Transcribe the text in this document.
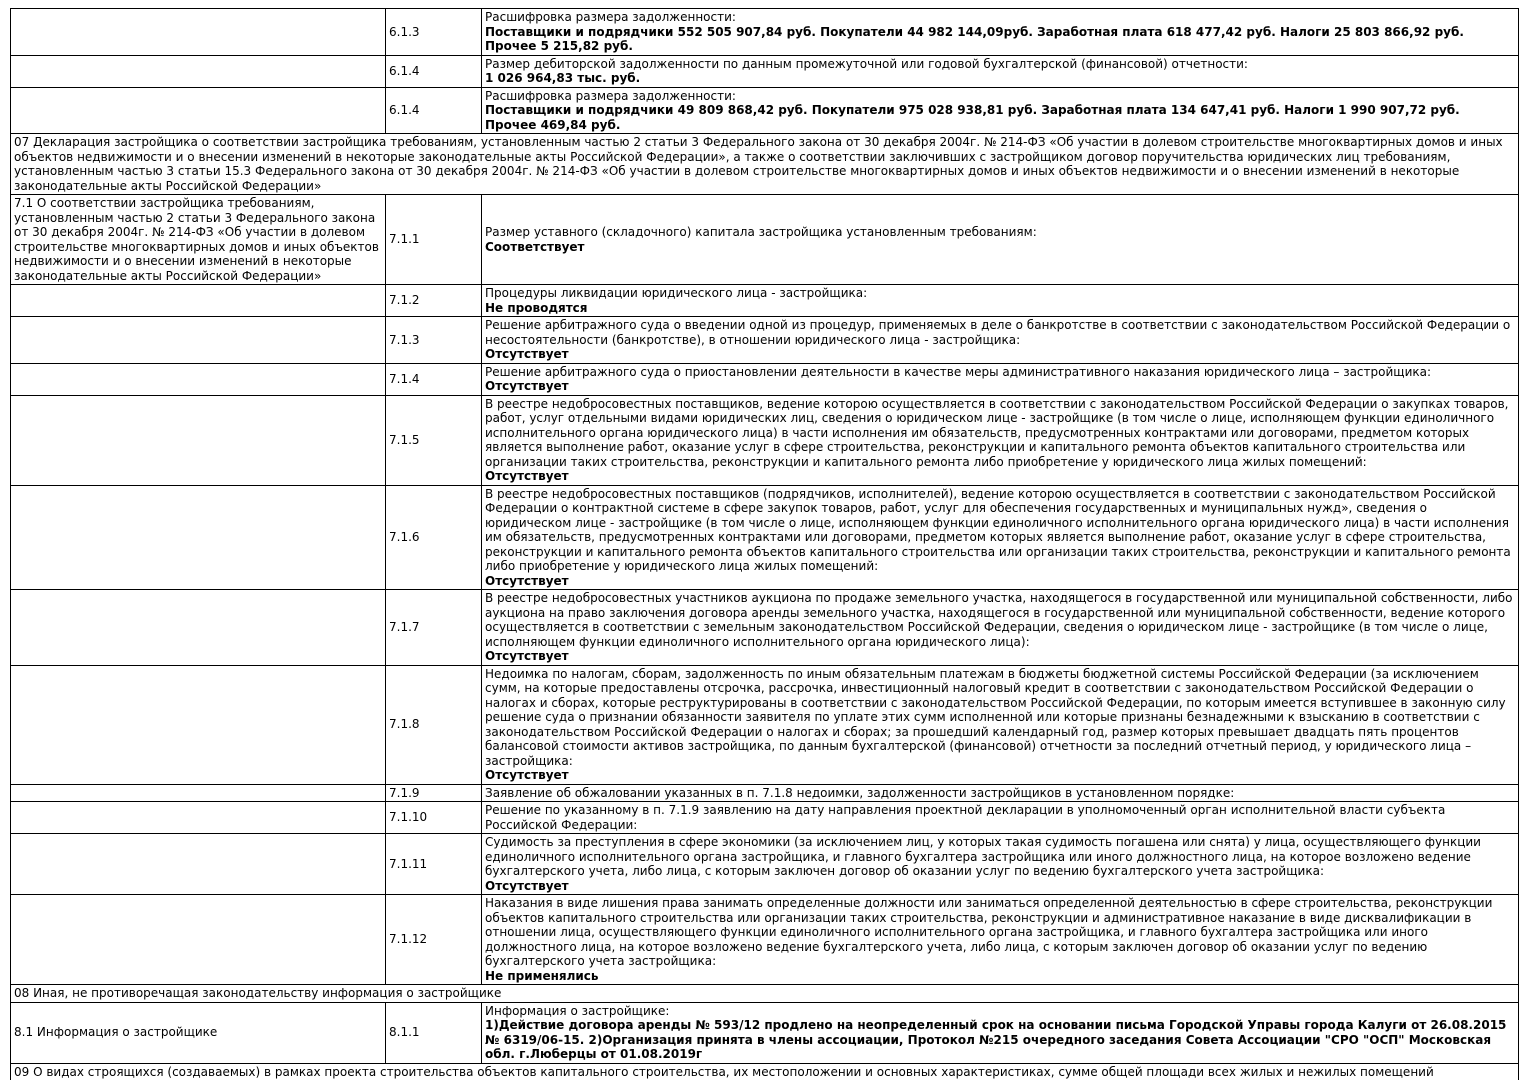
	6.1.3	Расшифровка размера задолженности:
Поставщики и подрядчики 552 505 907,84 руб. Покупатели 44 982 144,09руб. Заработная плата 618 477,42 руб. Налоги 25 803 866,92 руб. Прочее 5 215,82 руб.

	6.1.4	Размер дебиторской задолженности по данным промежуточной или годовой бухгалтерской (финансовой) отчетности:
1 026 964,83 тыс. руб.

	6.1.4	Расшифровка размера задолженности:
Поставщики и подрядчики 49 809 868,42 руб. Покупатели 975 028 938,81 руб. Заработная плата 134 647,41 руб. Налоги 1 990 907,72 руб. Прочее 469,84 руб.

07 Декларация застройщика о соответствии застройщика требованиям, установленным частью 2 статьи 3 Федерального закона от 30 декабря 2004г. № 214-ФЗ «Об участии в долевом строительстве многоквартирных домов и иных объектов недвижимости и о внесении изменений в некоторые законодательные акты Российской Федерации», а также о соответствии заключивших с застройщиком договор поручительства юридических лиц требованиям, установленным частью 3 статьи 15.3 Федерального закона от 30 декабря 2004г. № 214-ФЗ «Об участии в долевом строительстве многоквартирных домов и иных объектов недвижимости и о внесении изменений в некоторые законодательные акты Российской Федерации»		
7.1 О соответствии застройщика требованиям, установленным частью 2 статьи 3 Федерального закона от 30 декабря 2004г. № 214-ФЗ «Об участии в долевом строительстве многоквартирных домов и иных объектов недвижимости и о внесении изменений в некоторые законодательные акты Российской Федерации»	7.1.1	Размер уставного (складочного) капитала застройщика установленным требованиям:
Соответствует

	7.1.2	Процедуры ликвидации юридического лица - застройщика:
Не проводятся

	7.1.3	Решение арбитражного суда о введении одной из процедур, применяемых в деле о банкротстве в соответствии с законодательством Российской Федерации о несостоятельности (банкротстве), в отношении юридического лица - застройщика:
Отсутствует

	7.1.4	Решение арбитражного суда о приостановлении деятельности в качестве меры административного наказания юридического лица – застройщика:
Отсутствует

	7.1.5	В реестре недобросовестных поставщиков, ведение которою осуществляется в соответствии с законодательством Российской Федерации о закупках товаров, работ, услуг отдельными видами юридических лиц, сведения о юридическом лице - застройщике (в том числе о лице, исполняющем функции единоличного исполнительного органа юридического лица) в части исполнения им обязательств, предусмотренных контрактами или договорами, предметом которых является выполнение работ, оказание услуг в сфере строительства, реконструкции и капитального ремонта объектов капитального строительства или организации таких строительства, реконструкции и капитального ремонта либо приобретение у юридического лица жилых помещений:
Отсутствует

	7.1.6	В реестре недобросовестных поставщиков (подрядчиков, исполнителей), ведение которою осуществляется в соответствии с законодательством Российской Федерации о контрактной системе в сфере закупок товаров, работ, услуг для обеспечения государственных и муниципальных нужд», сведения о юридическом лице - застройщике (в том числе о лице, исполняющем функции единоличного исполнительного органа юридического лица) в части исполнения им обязательств, предусмотренных контрактами или договорами, предметом которых является выполнение работ, оказание услуг в сфере строительства, реконструкции и капитального ремонта объектов капитального строительства или организации таких строительства, реконструкции и капитального ремонта либо приобретение у юридического лица жилых помещений:
Отсутствует

	7.1.7	В реестре недобросовестных участников аукциона по продаже земельного участка, находящегося в государственной или муниципальной собственности, либо аукциона на право заключения договора аренды земельного участка, находящегося в государственной или муниципальной собственности, ведение которого осуществляется в соответствии с земельным законодательством Российской Федерации, сведения о юридическом лице - застройщике (в том числе о лице, исполняющем функции единоличного исполнительного органа юридического лица):
Отсутствует

	7.1.8	Недоимка по налогам, сборам, задолженность по иным обязательным платежам в бюджеты бюджетной системы Российской Федерации (за исключением сумм, на которые предоставлены отсрочка, рассрочка, инвестиционный налоговый кредит в соответствии с законодательством Российской Федерации о налогах и сборах, которые реструктурированы в соответствии с законодательством Российской Федерации, по которым имеется вступившее в законную силу решение суда о признании обязанности заявителя по уплате этих сумм исполненной или которые признаны безнадежными к взысканию в соответствии с законодательством Российской Федерации о налогах и сборах; за прошедший календарный год, размер которых превышает двадцать пять процентов балансовой стоимости активов застройщика, по данным бухгалтерской (финансовой) отчетности за последний отчетный период, у юридического лица – застройщика:
Отсутствует

	7.1.9	Заявление об обжаловании указанных в п. 7.1.8 недоимки, задолженности застройщиков в установленном порядке:

	7.1.10	Решение по указанному в п. 7.1.9 заявлению на дату направления проектной декларации в уполномоченный орган исполнительной власти субъекта Российской Федерации:

	7.1.11	Судимость за преступления в сфере экономики (за исключением лиц, у которых такая судимость погашена или снята) у лица, осуществляющего функции единоличного исполнительного органа застройщика, и главного бухгалтера застройщика или иного должностного лица, на которое возложено ведение бухгалтерского учета, либо лица, с которым заключен договор об оказании услуг по ведению бухгалтерского учета застройщика:
Отсутствует

	7.1.12	Наказания в виде лишения права занимать определенные должности или заниматься определенной деятельностью в сфере строительства, реконструкции объектов капитального строительства или организации таких строительства, реконструкции и административное наказание в виде дисквалификации в отношении лица, осуществляющего функции единоличного исполнительного органа застройщика, и главного бухгалтера застройщика или иного должностного лица, на которое возложено ведение бухгалтерского учета, либо лица, с которым заключен договор об оказании услуг по ведению бухгалтерского учета застройщика:
Не применялись

08 Иная, не противоречащая законодательству информация о застройщике		
8.1 Информация о застройщике	8.1.1	Информация о застройщике:
1)Действие договора аренды № 593/12 продлено на неопределенный срок на основании письма Городской Управы города Калуги от 26.08.2015 № 6319/06-15. 2)Организация принята в члены ассоциации, Протокол №215 очередного заседания Совета Ассоциации "СРО "ОСП" Московская обл. г.Люберцы от 01.08.2019г

09 О видах строящихся (создаваемых) в рамках проекта строительства объектов капитального строительства, их местоположении и основных характеристиках, сумме общей площади всех жилых и нежилых помещений		
